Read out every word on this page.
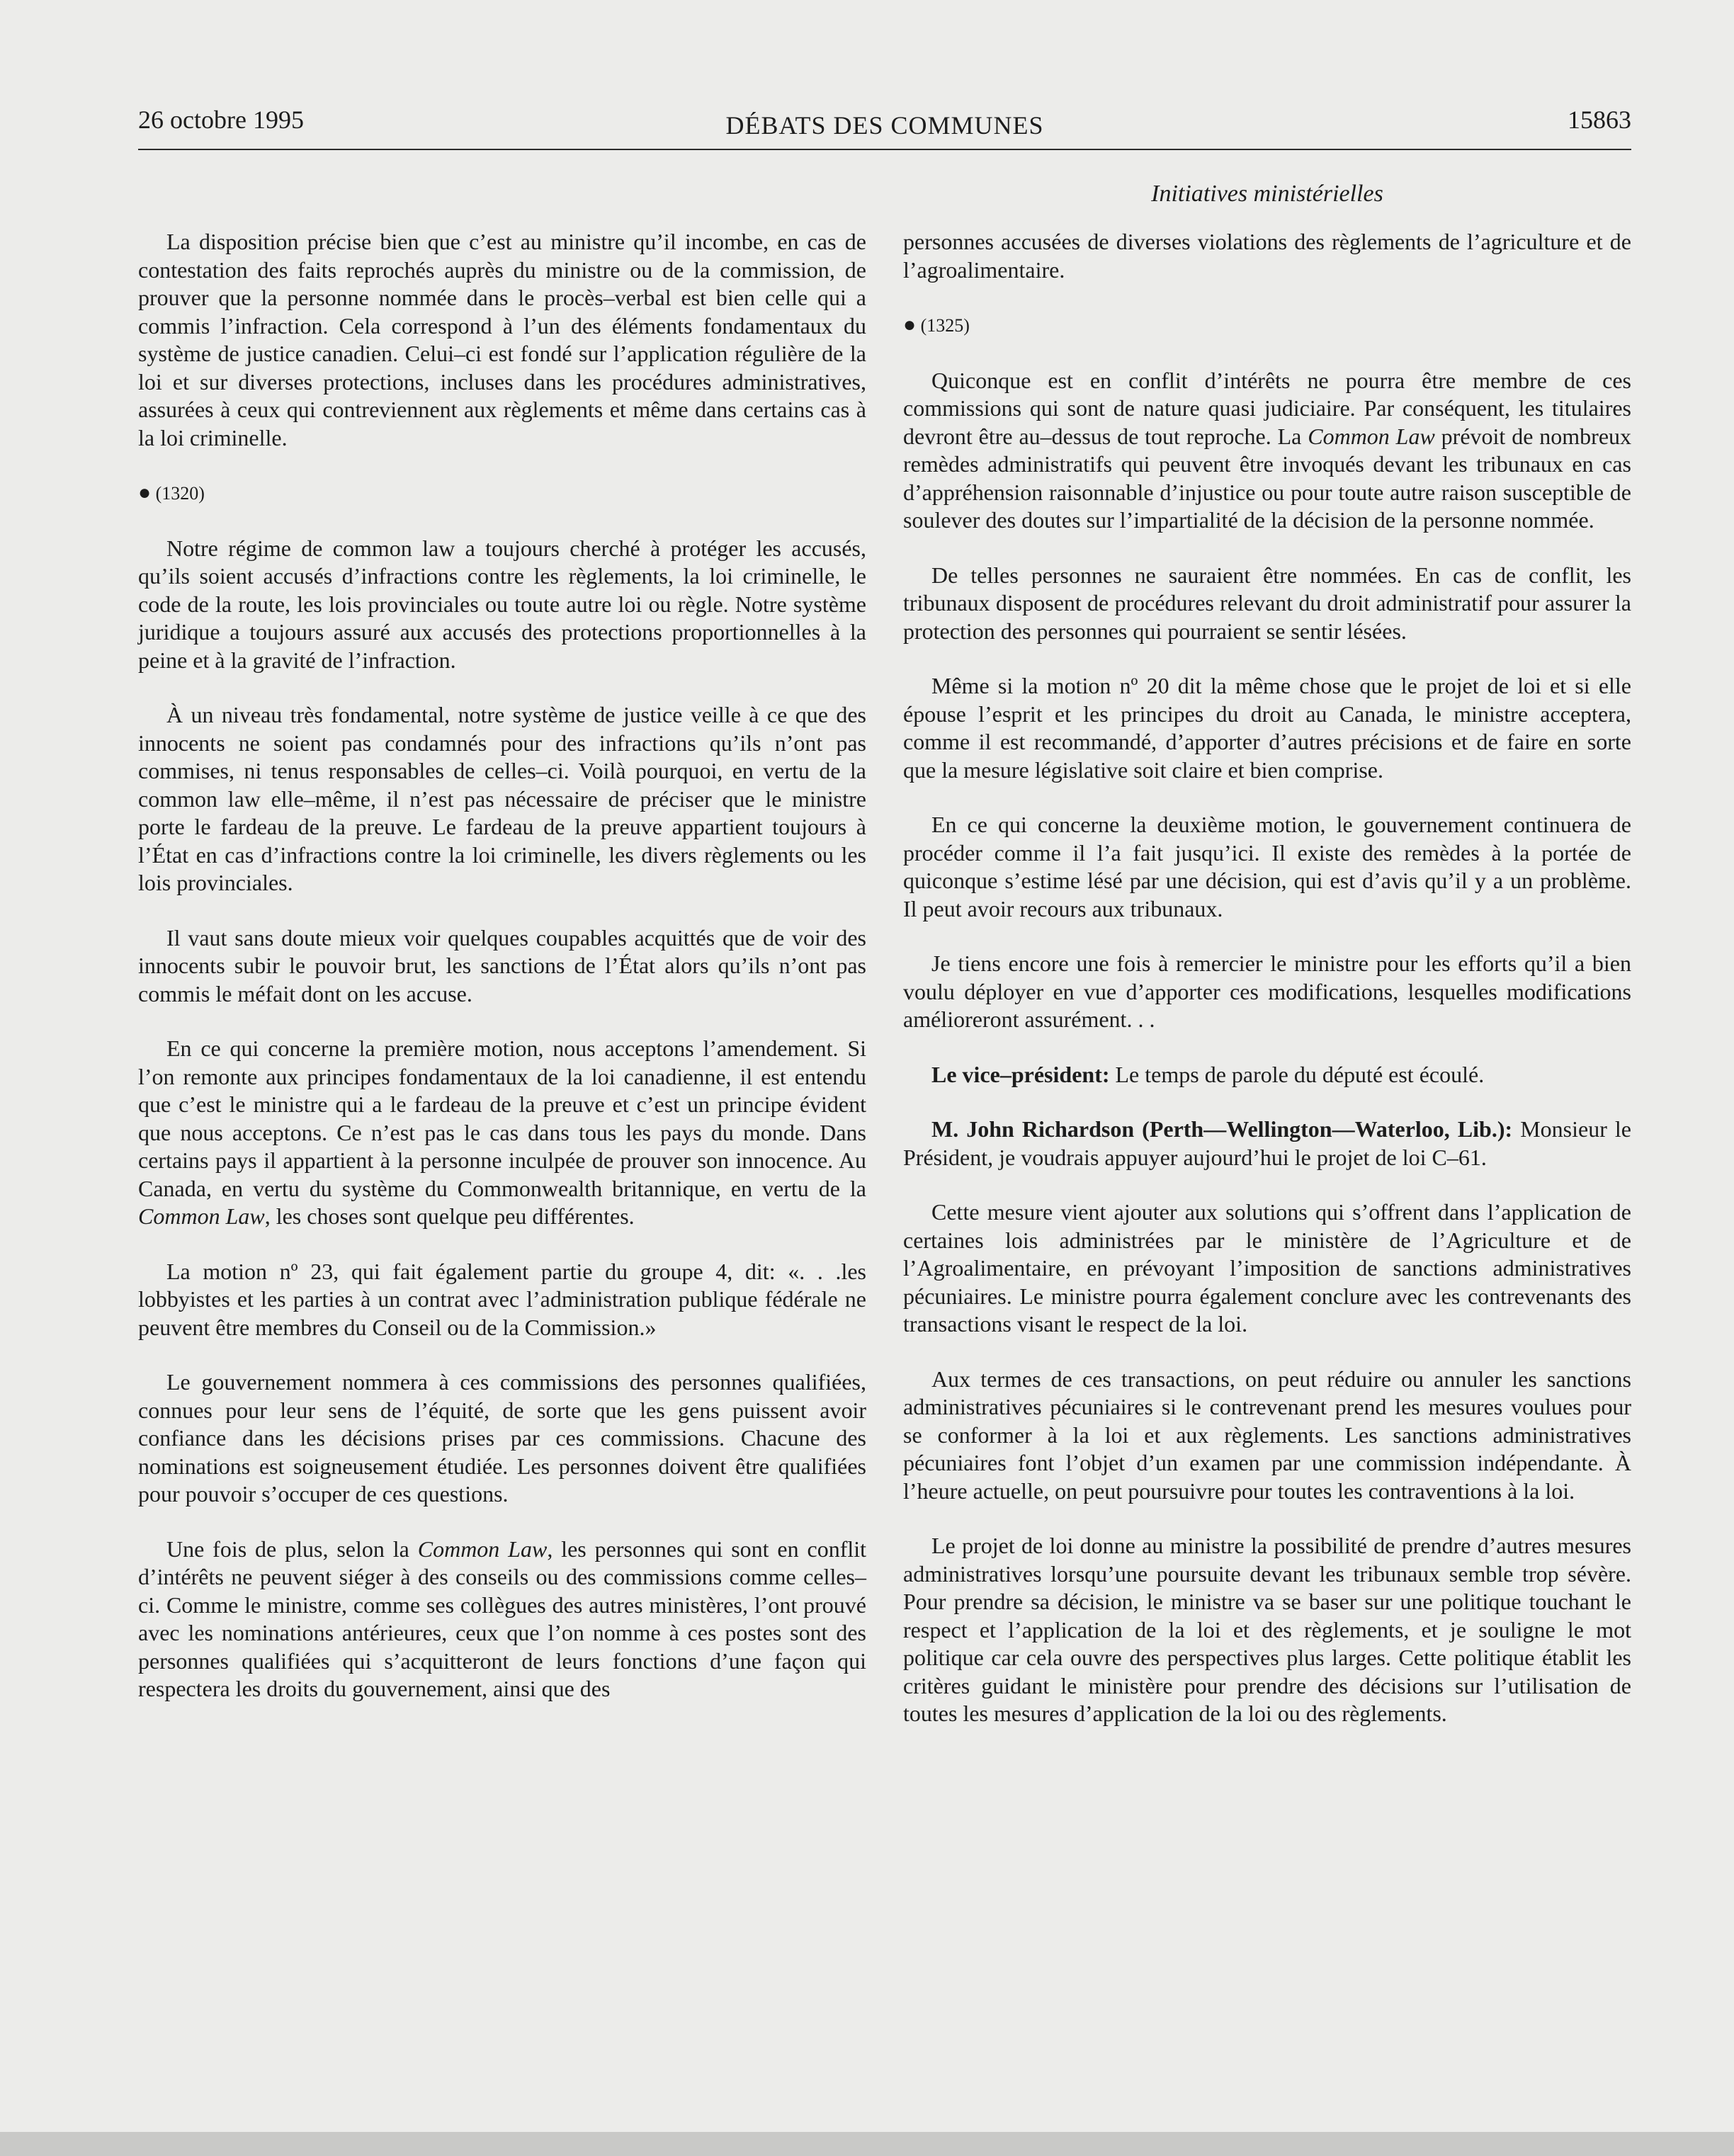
26 octobre 1995	DÉBATS DES COMMUNES	15863
Initiatives ministérielles

La disposition précise bien que c’est au ministre qu’il incombe, en cas de contestation des faits reprochés auprès du ministre ou de la commission, de prouver que la personne nommée dans le procès–verbal est bien celle qui a commis l’infraction. Cela correspond à l’un des éléments fondamentaux du système de justice canadien. Celui–ci est fondé sur l’application régulière de la loi et sur diverses protections, incluses dans les procédures administratives, assurées à ceux qui contreviennent aux règlements et même dans certains cas à la loi criminelle.

● (1320)

Notre régime de common law a toujours cherché à protéger les accusés, qu’ils soient accusés d’infractions contre les règlements, la loi criminelle, le code de la route, les lois provinciales ou toute autre loi ou règle. Notre système juridique a toujours assuré aux accusés des protections proportionnelles à la peine et à la gravité de l’infraction.

À un niveau très fondamental, notre système de justice veille à ce que des innocents ne soient pas condamnés pour des infractions qu’ils n’ont pas commises, ni tenus responsables de celles–ci. Voilà pourquoi, en vertu de la common law elle–même, il n’est pas nécessaire de préciser que le ministre porte le fardeau de la preuve. Le fardeau de la preuve appartient toujours à l’État en cas d’infractions contre la loi criminelle, les divers règlements ou les lois provinciales.

Il vaut sans doute mieux voir quelques coupables acquittés que de voir des innocents subir le pouvoir brut, les sanctions de l’État alors qu’ils n’ont pas commis le méfait dont on les accuse.

En ce qui concerne la première motion, nous acceptons l’amendement. Si l’on remonte aux principes fondamentaux de la loi canadienne, il est entendu que c’est le ministre qui a le fardeau de la preuve et c’est un principe évident que nous acceptons. Ce n’est pas le cas dans tous les pays du monde. Dans certains pays il appartient à la personne inculpée de prouver son innocence. Au Canada, en vertu du système du Commonwealth britannique, en vertu de la Common Law, les choses sont quelque peu différentes.

La motion nº 23, qui fait également partie du groupe 4, dit: «. . .les lobbyistes et les parties à un contrat avec l’administration publique fédérale ne peuvent être membres du Conseil ou de la Commission.»

Le gouvernement nommera à ces commissions des personnes qualifiées, connues pour leur sens de l’équité, de sorte que les gens puissent avoir confiance dans les décisions prises par ces commissions. Chacune des nominations est soigneusement étudiée. Les personnes doivent être qualifiées pour pouvoir s’occuper de ces questions.

Une fois de plus, selon la Common Law, les personnes qui sont en conflit d’intérêts ne peuvent siéger à des conseils ou des commissions comme celles–ci. Comme le ministre, comme ses collègues des autres ministères, l’ont prouvé avec les nominations antérieures, ceux que l’on nomme à ces postes sont des personnes qualifiées qui s’acquitteront de leurs fonctions d’une façon qui respectera les droits du gouvernement, ainsi que des

personnes accusées de diverses violations des règlements de l’agriculture et de l’agroalimentaire.

● (1325)

Quiconque est en conflit d’intérêts ne pourra être membre de ces commissions qui sont de nature quasi judiciaire. Par conséquent, les titulaires devront être au–dessus de tout reproche. La Common Law prévoit de nombreux remèdes administratifs qui peuvent être invoqués devant les tribunaux en cas d’appréhension raisonnable d’injustice ou pour toute autre raison susceptible de soulever des doutes sur l’impartialité de la décision de la personne nommée.

De telles personnes ne sauraient être nommées. En cas de conflit, les tribunaux disposent de procédures relevant du droit administratif pour assurer la protection des personnes qui pourraient se sentir lésées.

Même si la motion nº 20 dit la même chose que le projet de loi et si elle épouse l’esprit et les principes du droit au Canada, le ministre acceptera, comme il est recommandé, d’apporter d’autres précisions et de faire en sorte que la mesure législative soit claire et bien comprise.

En ce qui concerne la deuxième motion, le gouvernement continuera de procéder comme il l’a fait jusqu’ici. Il existe des remèdes à la portée de quiconque s’estime lésé par une décision, qui est d’avis qu’il y a un problème. Il peut avoir recours aux tribunaux.

Je tiens encore une fois à remercier le ministre pour les efforts qu’il a bien voulu déployer en vue d’apporter ces modifications, lesquelles modifications amélioreront assurément. . .

Le vice–président: Le temps de parole du député est écoulé.

M. John Richardson (Perth—Wellington—Waterloo, Lib.): Monsieur le Président, je voudrais appuyer aujourd’hui le projet de loi C–61.

Cette mesure vient ajouter aux solutions qui s’offrent dans l’application de certaines lois administrées par le ministère de l’Agriculture et de l’Agroalimentaire, en prévoyant l’imposition de sanctions administratives pécuniaires. Le ministre pourra également conclure avec les contrevenants des transactions visant le respect de la loi.

Aux termes de ces transactions, on peut réduire ou annuler les sanctions administratives pécuniaires si le contrevenant prend les mesures voulues pour se conformer à la loi et aux règlements. Les sanctions administratives pécuniaires font l’objet d’un examen par une commission indépendante. À l’heure actuelle, on peut poursuivre pour toutes les contraventions à la loi.

Le projet de loi donne au ministre la possibilité de prendre d’autres mesures administratives lorsqu’une poursuite devant les tribunaux semble trop sévère. Pour prendre sa décision, le ministre va se baser sur une politique touchant le respect et l’application de la loi et des règlements, et je souligne le mot politique car cela ouvre des perspectives plus larges. Cette politique établit les critères guidant le ministère pour prendre des décisions sur l’utilisation de toutes les mesures d’application de la loi ou des règlements.
